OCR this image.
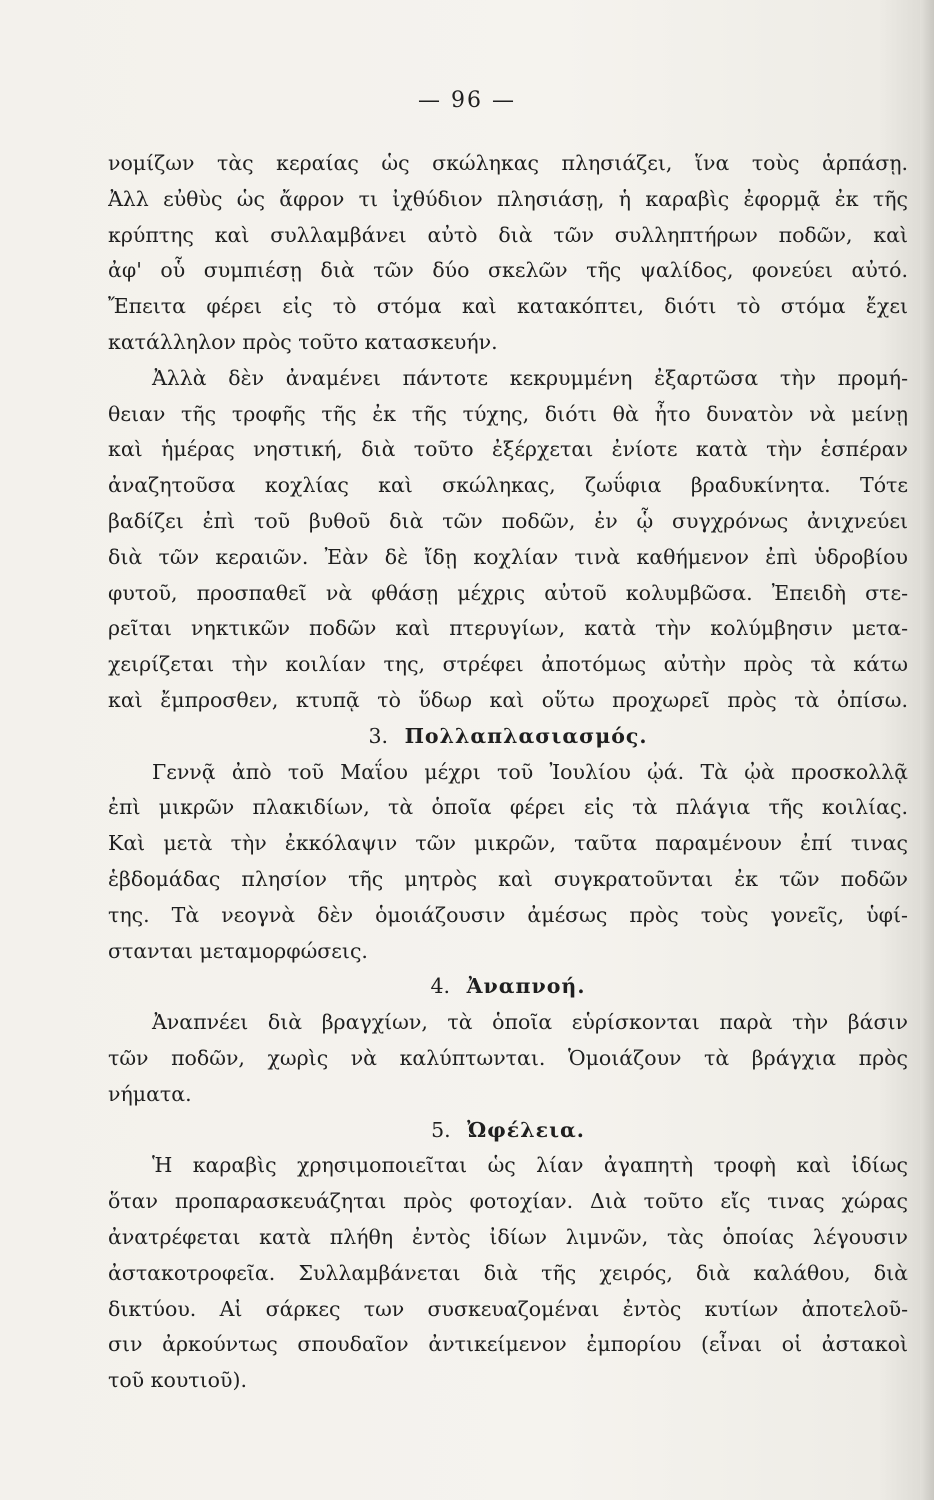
— 96 —
νομίζων τὰς κεραίας ὡς σκώληκας πλησιάζει, ἵνα τοὺς ἁρπάσῃ.
Ἀλλ εὐθὺς ὡς ἄφρον τι ἰχθύδιον πλησιάσῃ, ἡ καραβὶς ἐφορμᾷ ἐκ τῆς
κρύπτης καὶ συλλαμβάνει αὐτὸ διὰ τῶν συλληπτήρων ποδῶν, καὶ
ἀφ' οὗ συμπιέσῃ διὰ τῶν δύο σκελῶν τῆς ψαλίδος, φονεύει αὐτό.
Ἔπειτα φέρει εἰς τὸ στόμα καὶ κατακόπτει, διότι τὸ στόμα ἔχει
κατάλληλον πρὸς τοῦτο κατασκευήν.
Ἀλλὰ δὲν ἀναμένει πάντοτε κεκρυμμένη ἐξαρτῶσα τὴν προμή-
θειαν τῆς τροφῆς τῆς ἐκ τῆς τύχης, διότι θὰ ἦτο δυνατὸν νὰ μείνῃ
καὶ ἡμέρας νηστική, διὰ τοῦτο ἐξέρχεται ἐνίοτε κατὰ τὴν ἑσπέραν
ἀναζητοῦσα κοχλίας καὶ σκώληκας, ζωΰφια βραδυκίνητα. Τότε
βαδίζει ἐπὶ τοῦ βυθοῦ διὰ τῶν ποδῶν, ἐν ᾧ συγχρόνως ἀνιχνεύει
διὰ τῶν κεραιῶν. Ἐὰν δὲ ἴδῃ κοχλίαν τινὰ καθήμενον ἐπὶ ὑδροβίου
φυτοῦ, προσπαθεῖ νὰ φθάσῃ μέχρις αὐτοῦ κολυμβῶσα. Ἐπειδὴ στε-
ρεῖται νηκτικῶν ποδῶν καὶ πτερυγίων, κατὰ τὴν κολύμβησιν μετα-
χειρίζεται τὴν κοιλίαν της, στρέφει ἀποτόμως αὐτὴν πρὸς τὰ κάτω
καὶ ἔμπροσθεν, κτυπᾷ τὸ ὕδωρ καὶ οὕτω προχωρεῖ πρὸς τὰ ὀπίσω.
3. Πολλαπλασιασμός.
Γεννᾷ ἀπὸ τοῦ Μαΐου μέχρι τοῦ Ἰουλίου ᾠά. Τὰ ᾠὰ προσκολλᾷ
ἐπὶ μικρῶν πλακιδίων, τὰ ὁποῖα φέρει εἰς τὰ πλάγια τῆς κοιλίας.
Καὶ μετὰ τὴν ἐκκόλαψιν τῶν μικρῶν, ταῦτα παραμένουν ἐπί τινας
ἑβδομάδας πλησίον τῆς μητρὸς καὶ συγκρατοῦνται ἐκ τῶν ποδῶν
της. Τὰ νεογνὰ δὲν ὁμοιάζουσιν ἀμέσως πρὸς τοὺς γονεῖς, ὑφί-
στανται μεταμορφώσεις.
4. Ἀναπνοή.
Ἀναπνέει διὰ βραγχίων, τὰ ὁποῖα εὑρίσκονται παρὰ τὴν βάσιν
τῶν ποδῶν, χωρὶς νὰ καλύπτωνται. Ὁμοιάζουν τὰ βράγχια πρὸς
νήματα.
5. Ὠφέλεια.
Ἡ καραβὶς χρησιμοποιεῖται ὡς λίαν ἀγαπητὴ τροφὴ καὶ ἰδίως
ὅταν προπαρασκευάζηται πρὸς φοτοχίαν. Διὰ τοῦτο εἴς τινας χώρας
ἀνατρέφεται κατὰ πλήθη ἐντὸς ἰδίων λιμνῶν, τὰς ὁποίας λέγουσιν
ἀστακοτροφεῖα. Συλλαμβάνεται διὰ τῆς χειρός, διὰ καλάθου, διὰ
δικτύου. Αἱ σάρκες των συσκευαζομέναι ἐντὸς κυτίων ἀποτελοῦ-
σιν ἀρκούντως σπουδαῖον ἀντικείμενον ἐμπορίου (εἶναι οἱ ἀστακοὶ
τοῦ κουτιοῦ).
